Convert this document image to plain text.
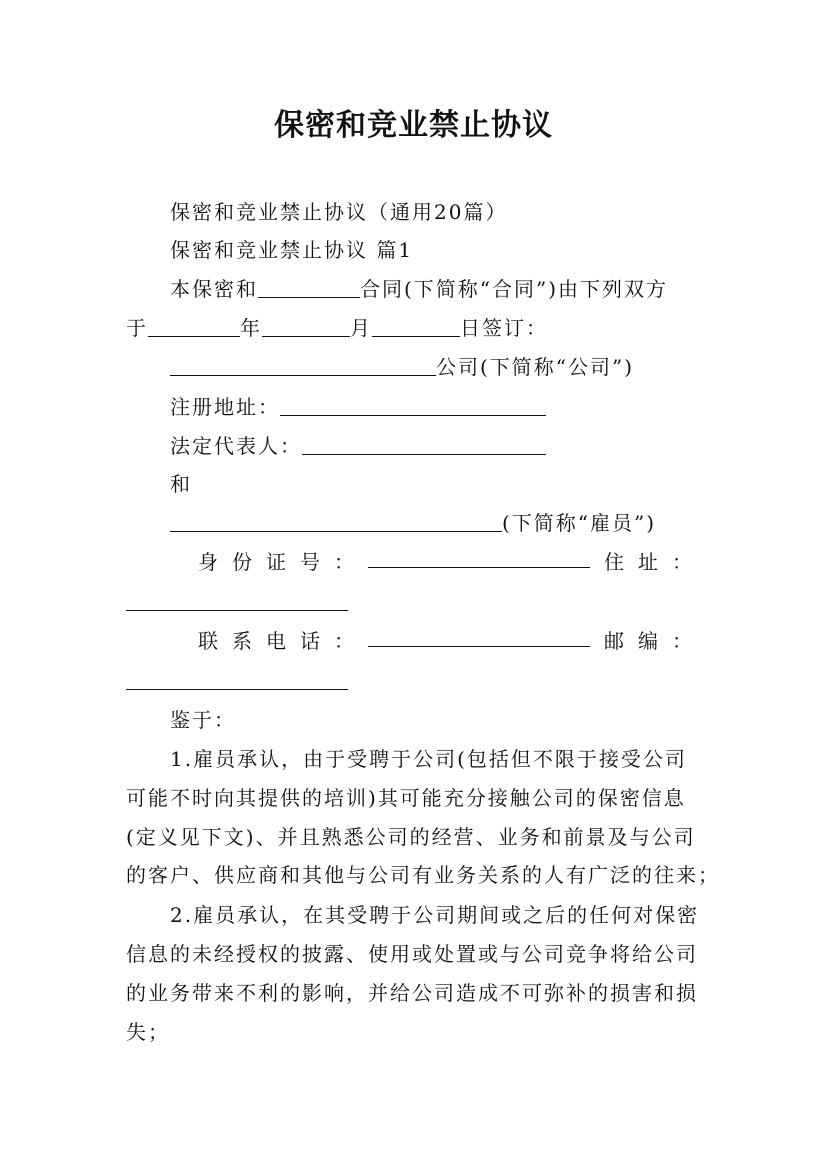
保密和竞业禁止协议
保密和竞业禁止协议（通用20篇）
保密和竞业禁止协议 篇1
本保密和	合同(下简称“合同”)由下列双方
于	年	月	日签订：
公司(下简称“公司”)
注册地址：
法定代表人：
和
(下简称“雇员”)
身 份 证 号 ：	住 址 ：
联 系 电 话 ：	邮 编 ：
鉴于：
1.雇员承认，由于受聘于公司(包括但不限于接受公司
可能不时向其提供的培训)其可能充分接触公司的保密信息
(定义见下文)、并且熟悉公司的经营、业务和前景及与公司
的客户、供应商和其他与公司有业务关系的人有广泛的往来；
2.雇员承认，在其受聘于公司期间或之后的任何对保密
信息的未经授权的披露、使用或处置或与公司竞争将给公司
的业务带来不利的影响，并给公司造成不可弥补的损害和损
失；
